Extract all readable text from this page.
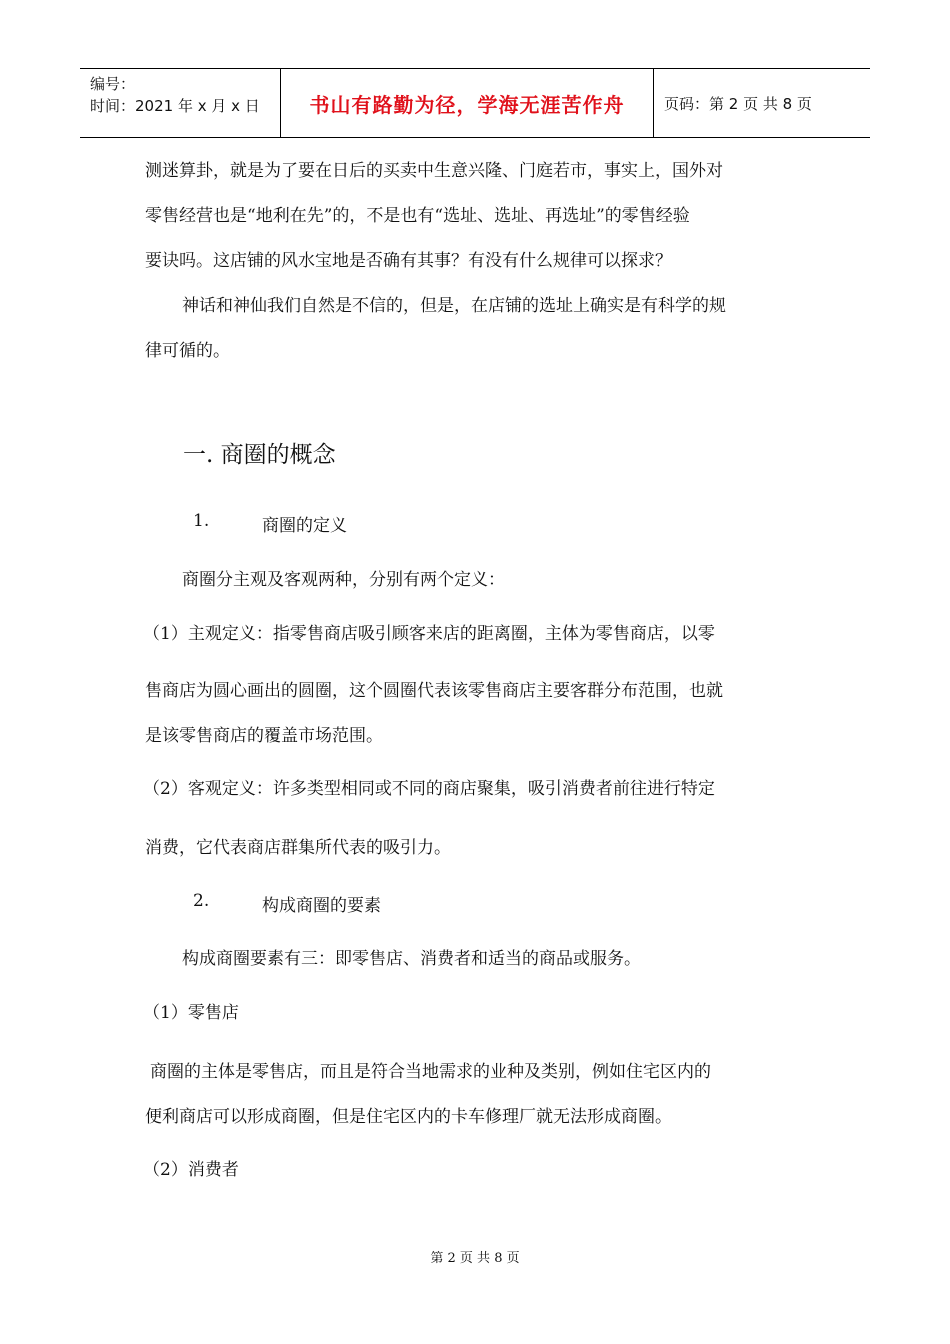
编号：
时间：2021 年 x 月 x 日	书山有路勤为径，学海无涯苦作舟	页码：第 2 页 共 8 页
测迷算卦，就是为了要在日后的买卖中生意兴隆、门庭若市，事实上，国外对
零售经营也是“地利在先”的，不是也有“选址、选址、再选址”的零售经验
要诀吗。这店铺的风水宝地是否确有其事？有没有什么规律可以探求？
神话和神仙我们自然是不信的，但是，在店铺的选址上确实是有科学的规
律可循的。
一. 商圈的概念
1.	商圈的定义
商圈分主观及客观两种，分别有两个定义：
（1）主观定义：指零售商店吸引顾客来店的距离圈，主体为零售商店，以零
售商店为圆心画出的圆圈，这个圆圈代表该零售商店主要客群分布范围，也就
是该零售商店的覆盖市场范围。
（2）客观定义：许多类型相同或不同的商店聚集，吸引消费者前往进行特定
消费，它代表商店群集所代表的吸引力。
2.	构成商圈的要素
构成商圈要素有三：即零售店、消费者和适当的商品或服务。
（1）零售店
商圈的主体是零售店，而且是符合当地需求的业种及类别，例如住宅区内的
便利商店可以形成商圈，但是住宅区内的卡车修理厂就无法形成商圈。
（2）消费者
第 2 页 共 8 页
